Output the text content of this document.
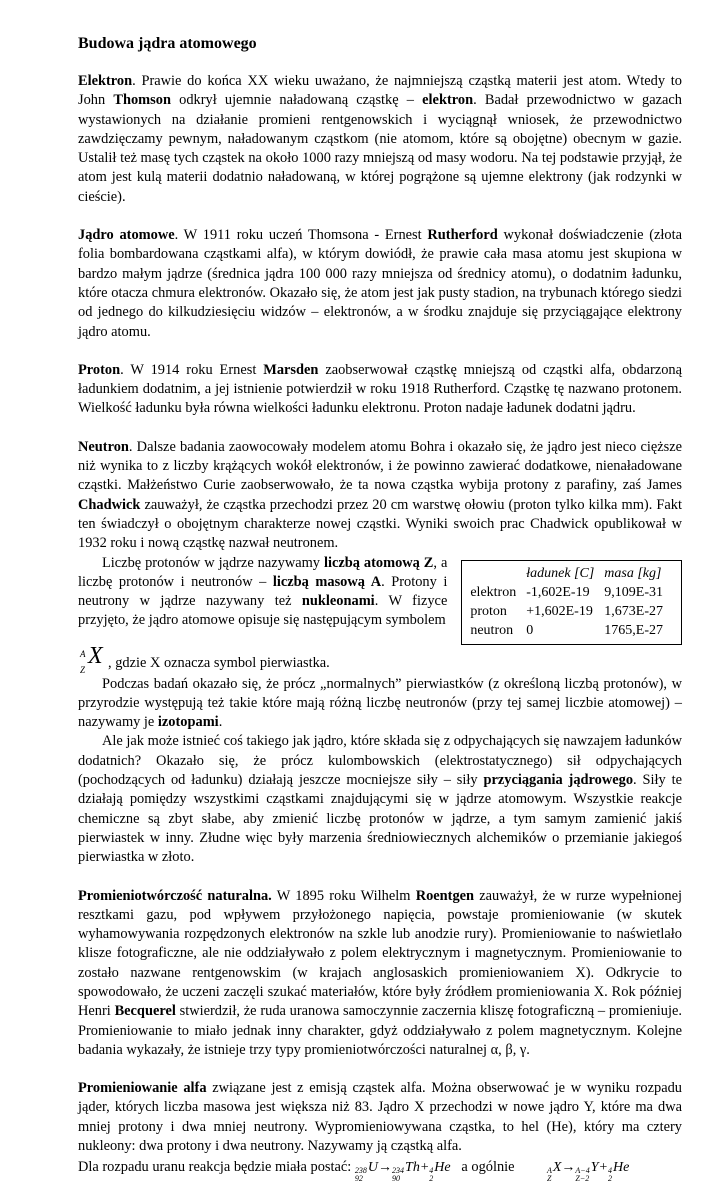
Budowa jądra atomowego

Elektron. Prawie do końca XX wieku uważano, że najmniejszą cząstką materii jest atom. Wtedy to John Thomson odkrył ujemnie naładowaną cząstkę – elektron. Badał przewodnictwo w gazach wystawionych na działanie promieni rentgenowskich i wyciągnął wniosek, że przewodnictwo zawdzięczamy pewnym, naładowanym cząstkom (nie atomom, które są obojętne) obecnym w gazie. Ustalił też masę tych cząstek na około 1000 razy mniejszą od masy wodoru. Na tej podstawie przyjął, że atom jest kulą materii dodatnio naładowaną, w której pogrążone są ujemne elektrony (jak rodzynki w cieście).

Jądro atomowe. W 1911 roku uczeń Thomsona - Ernest Rutherford wykonał doświadczenie (złota folia bombardowana cząstkami alfa), w którym dowiódł, że prawie cała masa atomu jest skupiona w bardzo małym jądrze (średnica jądra 100 000 razy mniejsza od średnicy atomu), o dodatnim ładunku, które otacza chmura elektronów. Okazało się, że atom jest jak pusty stadion, na trybunach którego siedzi od jednego do kilkudziesięciu widzów – elektronów, a w środku znajduje się przyciągające elektrony jądro atomu.

Proton. W 1914 roku Ernest Marsden zaobserwował cząstkę mniejszą od cząstki alfa, obdarzoną ładunkiem dodatnim, a jej istnienie potwierdził w roku 1918 Rutherford. Cząstkę tę nazwano protonem. Wielkość ładunku była równa wielkości ładunku elektronu. Proton nadaje ładunek dodatni jądru.

Neutron. Dalsze badania zaowocowały modelem atomu Bohra i okazało się, że jądro jest nieco cięższe niż wynika to z liczby krążących wokół elektronów, i że powinno zawierać dodatkowe, nienaładowane cząstki. Małżeństwo Curie zaobserwowało, że ta nowa cząstka wybija protony z parafiny, zaś James Chadwick zauważył, że cząstka przechodzi przez 20 cm warstwę ołowiu (proton tylko kilka mm). Fakt ten świadczył o obojętnym charakterze nowej cząstki. Wyniki swoich prac Chadwick opublikował w 1932 roku i nową cząstkę nazwał neutronem.

	ładunek [C]	masa [kg]
elektron	-1,602E-19	9,109E-31
proton	+1,602E-19	1,673E-27
neutron	0	1765,E-27

Liczbę protonów w jądrze nazywamy liczbą atomową Z, a liczbę protonów i neutronów – liczbą masową A. Protony i neutrony w jądrze nazywany też nukleonami. W fizyce przyjęto, że jądro atomowe opisuje się następującym symbolem

A
Z
X , gdzie X oznacza symbol pierwiastka.

Podczas badań okazało się, że prócz „normalnych” pierwiastków (z określoną liczbą protonów), w przyrodzie występują też takie które mają różną liczbę neutronów (przy tej samej liczbie atomowej) – nazywamy je izotopami.

Ale jak może istnieć coś takiego jak jądro, które składa się z odpychających się nawzajem ładunków dodatnich? Okazało się, że prócz kulombowskich (elektrostatycznego) sił odpychających (pochodzących od ładunku) działają jeszcze mocniejsze siły – siły przyciągania jądrowego. Siły te działają pomiędzy wszystkimi cząstkami znajdującymi się w jądrze atomowym. Wszystkie reakcje chemiczne są zbyt słabe, aby zmienić liczbę protonów w jądrze, a tym samym zamienić jakiś pierwiastek w inny. Złudne więc były marzenia średniowiecznych alchemików o przemianie jakiegoś pierwiastka w złoto.

Promieniotwórczość naturalna. W 1895 roku Wilhelm Roentgen zauważył, że w rurze wypełnionej resztkami gazu, pod wpływem przyłożonego napięcia, powstaje promieniowanie (w skutek wyhamowywania rozpędzonych elektronów na szkle lub anodzie rury). Promieniowanie to naświetlało klisze fotograficzne, ale nie oddziaływało z polem elektrycznym i magnetycznym. Promieniowanie to zostało nazwane rentgenowskim (w krajach anglosaskich promieniowaniem X). Odkrycie to spowodowało, że uczeni zaczęli szukać materiałów, które były źródłem promieniowania X. Rok później Henri Becquerel stwierdził, że ruda uranowa samoczynnie zaczernia kliszę fotograficzną – promieniuje. Promieniowanie to miało jednak inny charakter, gdyż oddziaływało z polem magnetycznym. Kolejne badania wykazały, że istnieje trzy typy promieniotwórczości naturalnej α, β, γ.

Promieniowanie alfa związane jest z emisją cząstek alfa. Można obserwować je w wyniku rozpadu jąder, których liczba masowa jest większa niż 83. Jądro X przechodzi w nowe jądro Y, które ma dwa mniej protony i dwa mniej neutrony. Wypromieniowywana cząstka, to hel (He), który ma cztery nukleony: dwa protony i dwa neutrony. Nazywamy ją cząstką alfa.

Dla rozpadu uranu reakcja będzie miała postać: 238
92
U→ 234
90
Th+ 4
2
He a ogólnie	A
Z
X→ A−4
Z−2
Y+ 4
2
He
